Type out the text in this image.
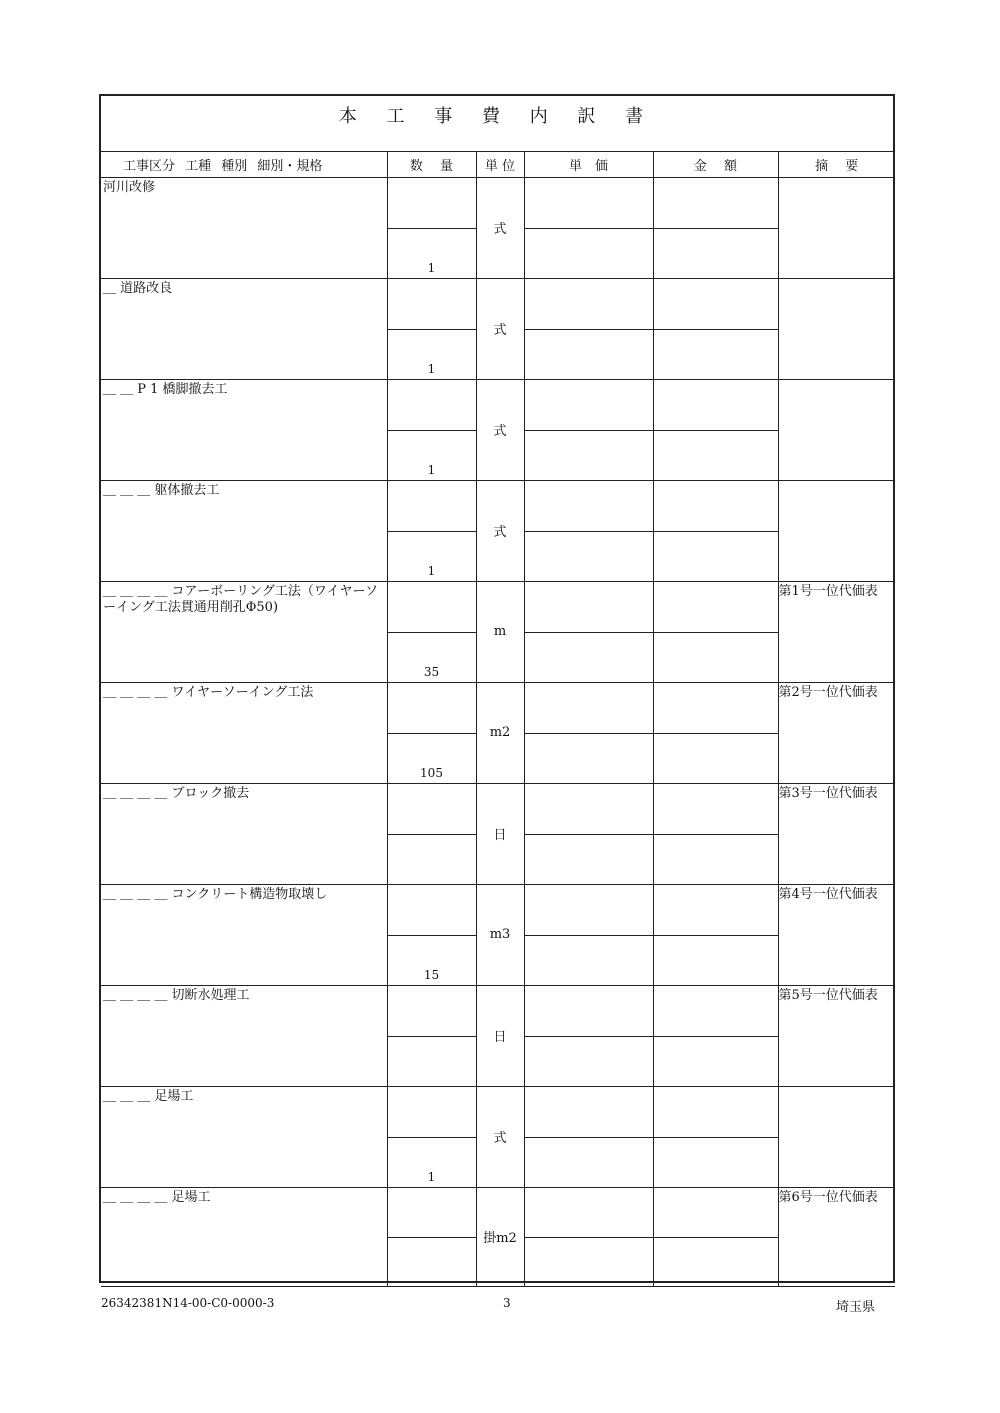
本 工 事 費 内 訳 書
工事区分 工種 種別 細別・規格	数　 量	単 位	単　価	金　 額	摘　 要
河川改修	1	式	

＿ 道路改良	1	式	

＿ ＿ P 1 橋脚撤去工	1	式	

＿ ＿ ＿ 躯体撤去工	1	式	

＿ ＿ ＿ ＿ コアーボーリング工法（ワイヤーソーイング工法貫通用削孔Φ50)	35	m			第1号一位代価表
＿ ＿ ＿ ＿ ワイヤーソーイング工法	105	m2			第2号一位代価表
＿ ＿ ＿ ＿ ブロック撤去		日			第3号一位代価表
＿ ＿ ＿ ＿ コンクリート構造物取壊し	15	m3			第4号一位代価表
＿ ＿ ＿ ＿ 切断水処理工		日			第5号一位代価表
＿ ＿ ＿ 足場工	1	式	

＿ ＿ ＿ ＿ 足場工		掛m2			第6号一位代価表
26342381N14-00-C0-0000-3	3	埼玉県
